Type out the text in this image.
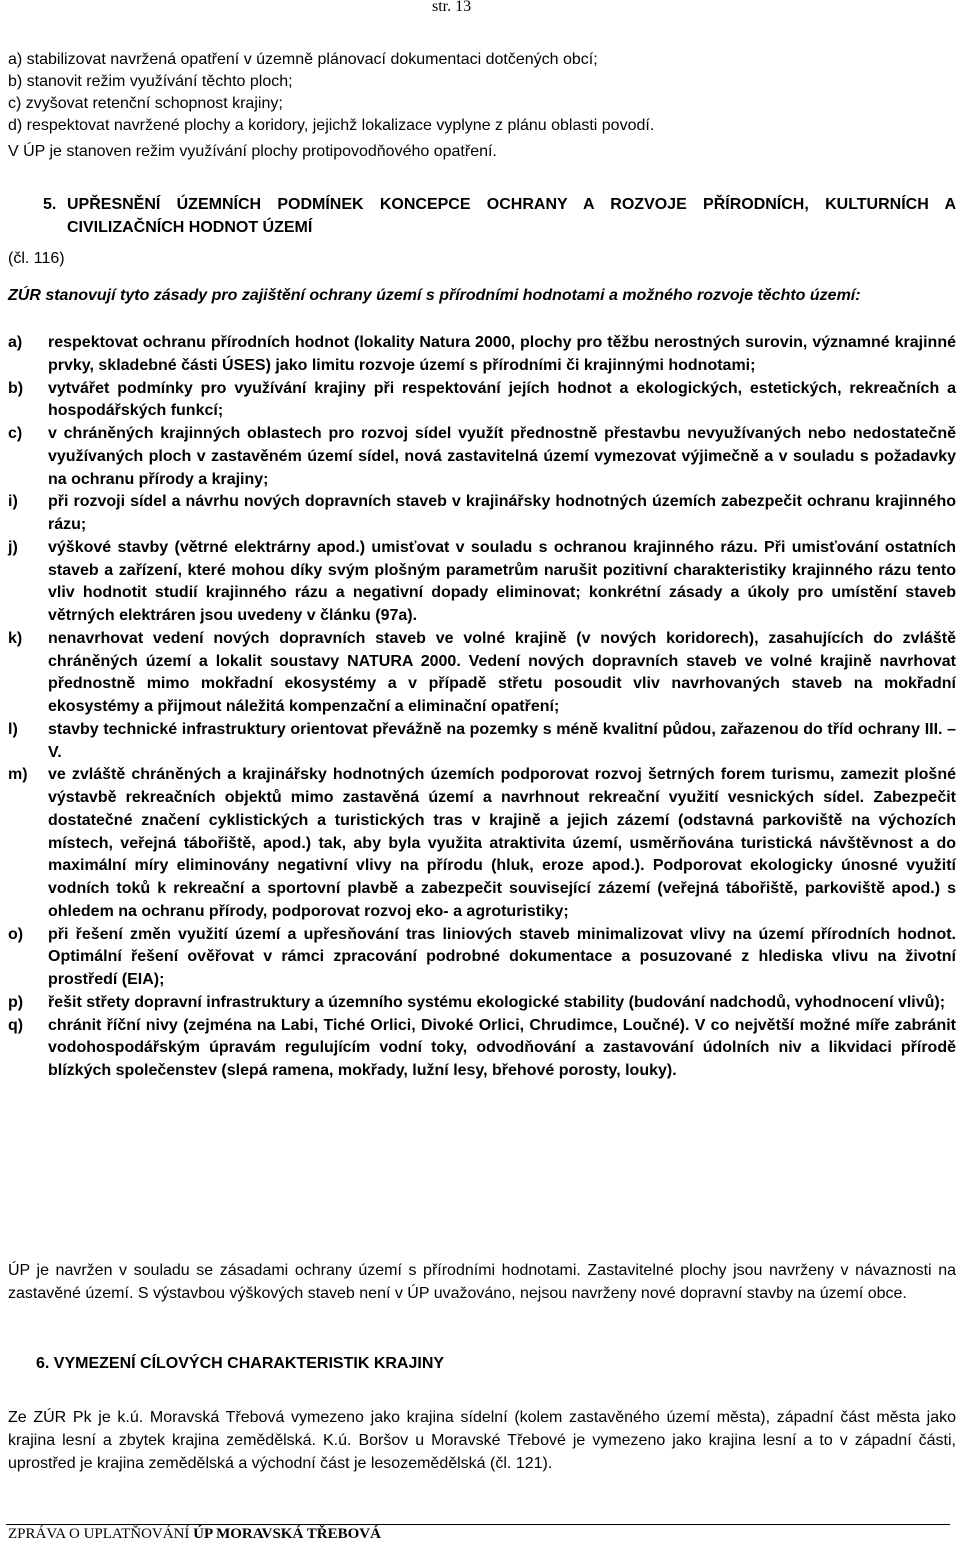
str. 13
a) stabilizovat navržená opatření v územně plánovací dokumentaci dotčených obcí;
b) stanovit režim využívání těchto ploch;
c) zvyšovat retenční schopnost krajiny;
d) respektovat navržené plochy a koridory, jejichž lokalizace vyplyne z plánu oblasti povodí.
V ÚP je stanoven režim využívání plochy protipovodňového opatření.
5. UPŘESNĚNÍ ÚZEMNÍCH PODMÍNEK KONCEPCE OCHRANY A ROZVOJE PŘÍRODNÍCH, KULTURNÍCH A CIVILIZAČNÍCH HODNOT ÚZEMÍ
(čl. 116)
ZÚR stanovují tyto zásady pro zajištění ochrany území s přírodními hodnotami a možného rozvoje těchto území:
a) respektovat ochranu přírodních hodnot (lokality Natura 2000, plochy pro těžbu nerostných surovin, významné krajinné prvky, skladebné části ÚSES) jako limitu rozvoje území s přírodními či krajinnými hodnotami;
b) vytvářet podmínky pro využívání krajiny při respektování jejích hodnot a ekologických, estetických, rekreačních a hospodářských funkcí;
c) v chráněných krajinných oblastech pro rozvoj sídel využít přednostně přestavbu nevyužívaných nebo nedostatečně využívaných ploch v zastavěném území sídel, nová zastavitelná území vymezovat výjimečně a v souladu s požadavky na ochranu přírody a krajiny;
i) při rozvoji sídel a návrhu nových dopravních staveb v krajinářsky hodnotných územích zabezpečit ochranu krajinného rázu;
j) výškové stavby (větrné elektrárny apod.) umisťovat v souladu s ochranou krajinného rázu. Při umisťování ostatních staveb a zařízení, které mohou díky svým plošným parametrům narušit pozitivní charakteristiky krajinného rázu tento vliv hodnotit studií krajinného rázu a negativní dopady eliminovat; konkrétní zásady a úkoly pro umístění staveb větrných elektráren jsou uvedeny v článku (97a).
k) nenavrhovat vedení nových dopravních staveb ve volné krajině (v nových koridorech), zasahujících do zvláště chráněných území a lokalit soustavy NATURA 2000. Vedení nových dopravních staveb ve volné krajině navrhovat přednostně mimo mokřadní ekosystémy a v případě střetu posoudit vliv navrhovaných staveb na mokřadní ekosystémy a přijmout náležitá kompenzační a eliminační opatření;
l) stavby technické infrastruktury orientovat převážně na pozemky s méně kvalitní půdou, zařazenou do tříd ochrany III. – V.
m) ve zvláště chráněných a krajinářsky hodnotných územích podporovat rozvoj šetrných forem turismu, zamezit plošné výstavbě rekreačních objektů mimo zastavěná území a navrhnout rekreační využití vesnických sídel. Zabezpečit dostatečné značení cyklistických a turistických tras v krajině a jejich zázemí (odstavná parkoviště na výchozích místech, veřejná tábořiště, apod.) tak, aby byla využita atraktivita území, usměrňována turistická návštěvnost a do maximální míry eliminovány negativní vlivy na přírodu (hluk, eroze apod.). Podporovat ekologicky únosné využití vodních toků k rekreační a sportovní plavbě a zabezpečit související zázemí (veřejná tábořiště, parkoviště apod.) s ohledem na ochranu přírody, podporovat rozvoj eko- a agroturistiky;
o) při řešení změn využití území a upřesňování tras liniových staveb minimalizovat vlivy na území přírodních hodnot. Optimální řešení ověřovat v rámci zpracování podrobné dokumentace a posuzované z hlediska vlivu na životní prostředí (EIA);
p) řešit střety dopravní infrastruktury a územního systému ekologické stability (budování nadchodů, vyhodnocení vlivů);
q) chránit říční nivy (zejména na Labi, Tiché Orlici, Divoké Orlici, Chrudimce, Loučné). V co největší možné míře zabránit vodohospodářským úpravám regulujícím vodní toky, odvodňování a zastavování údolních niv a likvidaci přírodě blízkých společenstev (slepá ramena, mokřady, lužní lesy, břehové porosty, louky).
ÚP je navržen v souladu se zásadami ochrany území s přírodními hodnotami. Zastavitelné plochy jsou navrženy v návaznosti na zastavěné území. S výstavbou výškových staveb není v ÚP uvažováno, nejsou navrženy nové dopravní stavby na území obce.
6. VYMEZENÍ CÍLOVÝCH CHARAKTERISTIK KRAJINY
Ze ZÚR Pk je k.ú. Moravská Třebová vymezeno jako krajina sídelní (kolem zastavěného území města), západní část města jako krajina lesní a zbytek krajina zemědělská. K.ú. Boršov u Moravské Třebové je vymezeno jako krajina lesní a to v západní části, uprostřed je krajina zemědělská a východní část je lesozemědělská (čl. 121).
ZPRÁVA O UPLATŇOVÁNÍ ÚP MORAVSKÁ TŘEBOVÁ
